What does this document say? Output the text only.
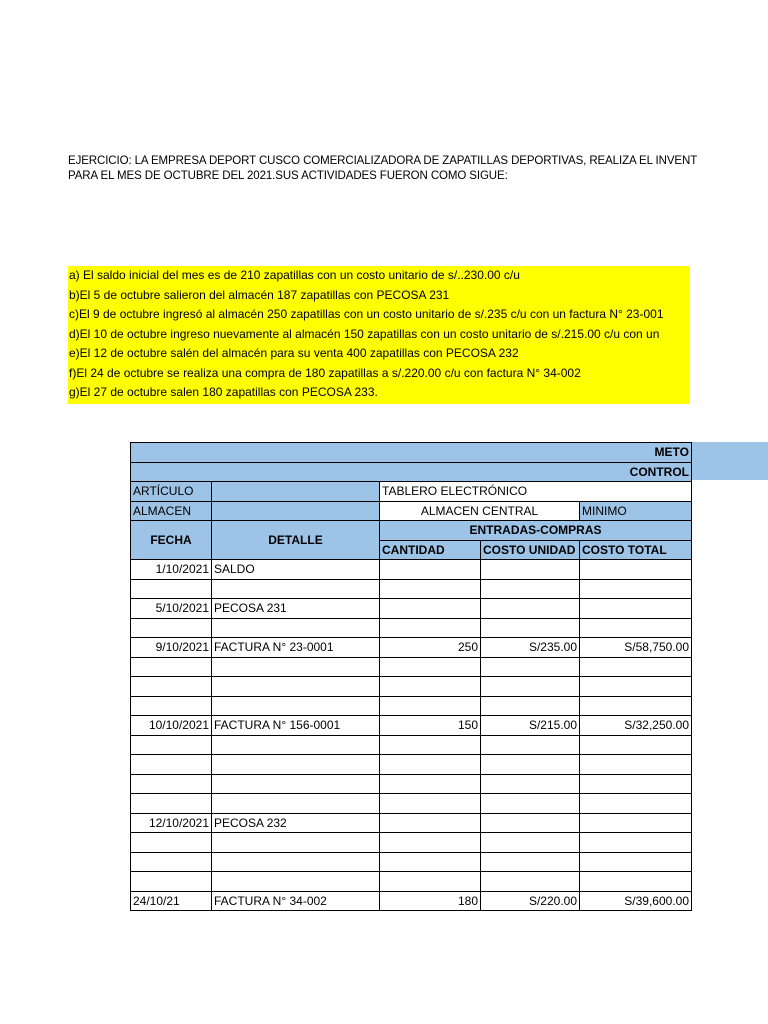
EJERCICIO: LA EMPRESA DEPORT CUSCO COMERCIALIZADORA DE ZAPATILLAS DEPORTIVAS, REALIZA EL INVENT
PARA EL MES DE OCTUBRE DEL 2021.SUS ACTIVIDADES FUERON COMO SIGUE:
a) El saldo inicial del mes es de 210 zapatillas con un costo unitario de s/..230.00 c/u
b)El 5 de octubre salieron del almacén 187 zapatillas con PECOSA 231
c)El 9 de octubre ingresó al almacén 250 zapatillas con un costo unitario de s/.235 c/u con un factura N° 23-001
d)El 10 de octubre ingreso nuevamente al almacén 150 zapatillas con un costo unitario de s/.215.00 c/u con un
e)El 12 de octubre salén del almacén para su venta 400 zapatillas con PECOSA 232
f)El 24 de octubre se realiza una compra de 180 zapatillas a s/.220.00 c/u con factura N° 34-002
g)El 27 de octubre salen 180 zapatillas con PECOSA 233.
METO				
CONTROL				
ARTÍCULO		TABLERO ELECTRÓNICO		
ALMACEN		ALMACEN CENTRAL		MINIMO
FECHA	DETALLE	ENTRADAS-COMPRAS		
		CANTIDAD	COSTO UNIDAD	COSTO TOTAL
1/10/2021	SALDO			

5/10/2021	PECOSA 231			

9/10/2021	FACTURA N° 23-0001	250	S/235.00	S/58,750.00

10/10/2021	FACTURA N° 156-0001	150	S/215.00	S/32,250.00

12/10/2021	PECOSA 232			

24/10/21	FACTURA N° 34-002	180	S/220.00	S/39,600.00
